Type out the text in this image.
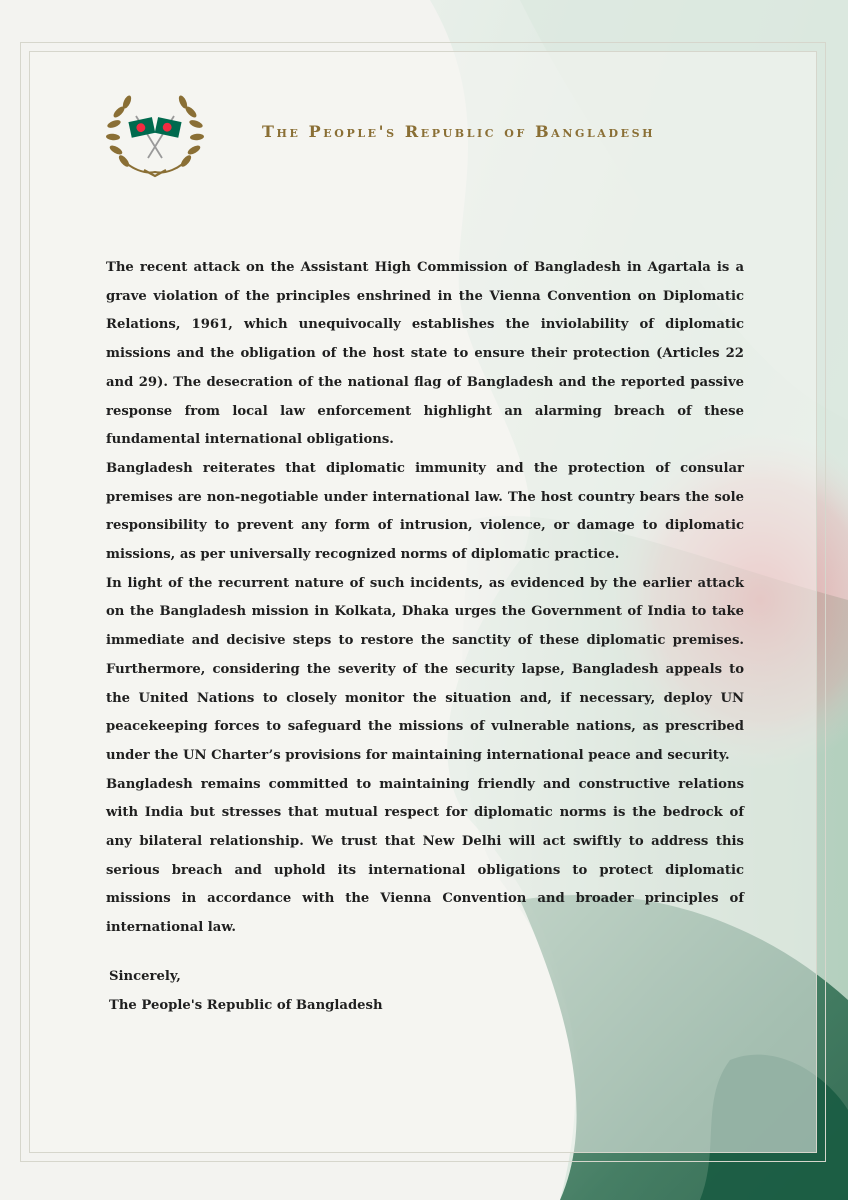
The People's Republic of Bangladesh

The recent attack on the Assistant High Commission of Bangladesh in Agartala is a grave violation of the principles enshrined in the Vienna Convention on Diplomatic Relations, 1961, which unequivocally establishes the inviolability of diplomatic missions and the obligation of the host state to ensure their protection (Articles 22 and 29). The desecration of the national flag of Bangladesh and the reported passive response from local law enforcement highlight an alarming breach of these fundamental international obligations.

Bangladesh reiterates that diplomatic immunity and the protection of consular premises are non-negotiable under international law. The host country bears the sole responsibility to prevent any form of intrusion, violence, or damage to diplomatic missions, as per universally recognized norms of diplomatic practice.

In light of the recurrent nature of such incidents, as evidenced by the earlier attack on the Bangladesh mission in Kolkata, Dhaka urges the Government of India to take immediate and decisive steps to restore the sanctity of these diplomatic premises. Furthermore, considering the severity of the security lapse, Bangladesh appeals to the United Nations to closely monitor the situation and, if necessary, deploy UN peacekeeping forces to safeguard the missions of vulnerable nations, as prescribed under the UN Charter’s provisions for maintaining international peace and security.

Bangladesh remains committed to maintaining friendly and constructive relations with India but stresses that mutual respect for diplomatic norms is the bedrock of any bilateral relationship. We trust that New Delhi will act swiftly to address this serious breach and uphold its international obligations to protect diplomatic missions in accordance with the Vienna Convention and broader principles of international law.

Sincerely,
The People's Republic of Bangladesh
